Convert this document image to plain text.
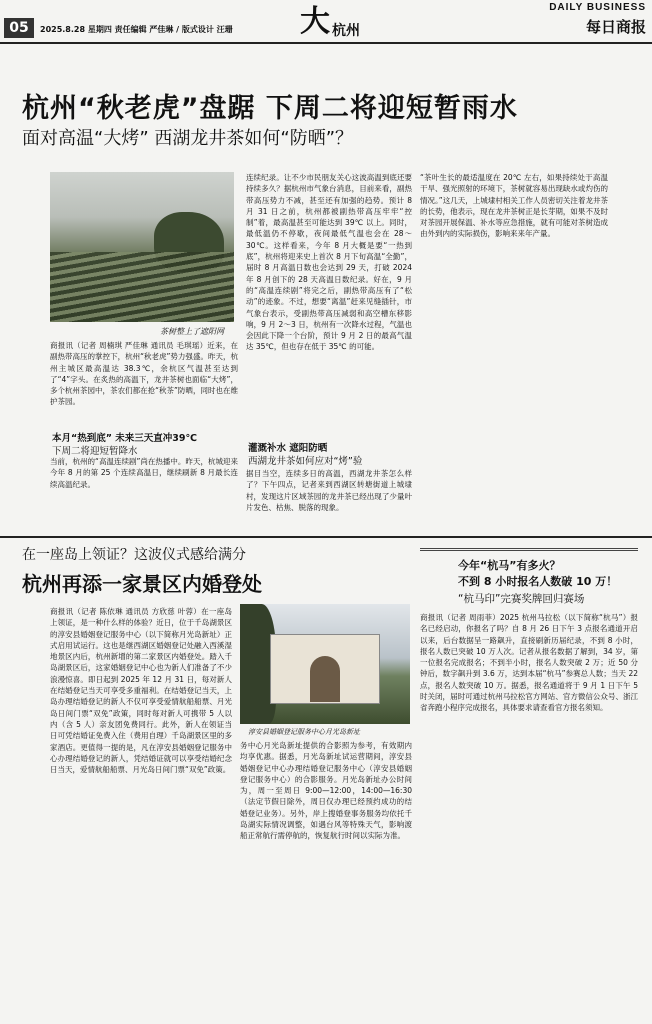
05	2025.8.28 星期四 责任编辑 严佳琳 / 版式设计 汪珊 大 杭州
DAILY BUSINESS
每日商报
杭州“秋老虎”盘踞 下周二将迎短暂雨水
面对高温“大烤” 西湖龙井茶如何“防晒”？
茶树整上了遮阳网
商报讯（记者 周楠琪 严佳琳 通讯员 毛琪瑶）近来，在副热带高压的掌控下，杭州“秋老虎”势力强盛。昨天，杭州主城区最高温达 38.3℃，余杭区气温甚至达到了“4”字头。在炙热的高温下，龙井茶树也面临“大烤”，多个杭州茶园中，茶农们都在抢“秋茶”防晒，同时也在维护茶园。
本月“热到底” 未来三天直冲39℃
下周二将迎短暂降水
当前，杭州的“高温连续剧”尚在热播中。昨天，杭城迎来今年 8 月的第 25 个连续高温日，继续刷新 8 月最长连续高温纪录。
连续纪录。让不少市民朋友关心这波高温到底还要持续多久？据杭州市气象台消息，目前来看，副热带高压势力不减，甚至还有加强的趋势。预计 8 月 31 日之前，杭州都被副热带高压牢牢“控制”着，最高温甚至可能达到 39℃ 以上。同时，最低温仍不停歇，夜间最低气温也会在 28～30℃。这样看来，今年 8 月大概是要“一热到底”，杭州将迎来史上首次 8 月下旬高温“全勤”，届时 8 月高温日数也会达到 29 天，打破 2024 年 8 月创下的 28 天高温日数纪录。好在，9 月的“高温连续剧”将完之后，副热带高压有了“松动”的迹象。不过，想要“离温”赶来见缝插针，市气象台表示，受副热带高压减弱和高空槽东移影响，9 月 2～3 日，杭州有一次降水过程，气温也会因此下降一个台阶，预计 9 月 2 日的最高气温达 35℃，但也存在低于 35℃ 的可能。
灌溉补水 遮阳防晒
西湖龙井茶如何应对“烤”验
据目当空，连续多日的高温，西湖龙井茶怎么样了？下午四点，记者来到西湖区转塘街道上城埭村，发现这片区域茶园的龙井茶已经出现了少量叶片发色、枯焦、脱落的现象。
“茶叶生长的最适温度在 20℃ 左右，如果持续处于高温干旱、强光照射的环境下，茶树就容易出现缺水或灼伤的情况。”这几天，上城埭村相关工作人员密切关注着龙井茶的长势，他表示，现在龙井茶树正是长芽期，如果不及时对茶园开展保温、补水等应急措施，就有可能对茶树造成由外到内的实际损伤，影响来来年产量。
在一座岛上领证？这波仪式感给满分
杭州再添一家景区内婚登处
商报讯（记者 陈依琳 通讯员 方欣慈 叶蓉）在一座岛上领证，是一种什么样的体验？近日，位于千岛湖景区的淳安县婚姻登记服务中心（以下简称月光岛新址）正式启用试运行。这也是继西湖区婚姻登记处融入西溪湿地景区内后，杭州新增的第二家景区内婚登处。踏入千岛湖景区后，这家婚姻登记中心也为新人们准备了不少浪漫惊喜。即日起到 2025 年 12 月 31 日，每对新人在结婚登记当天可享受多重福利。在结婚登记当天，上岛办理结婚登记的新人不仅可享受爱情航船船票、月光岛日间门票“双免”政策，同时每对新人可携带 5 人以内（含 5 人）亲友团免费同行。此外，新人在领证当日可凭结婚证免费入住（费用自理）千岛湖景区里的多家酒店。更值得一提的是，凡在淳安县婚姻登记服务中心办理结婚登记的新人，凭结婚证就可以享受结婚纪念日当天，爱情航船船票、月光岛日间门票“双免”政策。
淳安县婚姻登记服务中心月光岛新址
务中心月光岛新址提供的合影照为参考，有效期内均享优惠。据悉，月光岛新址试运营期间，淳安县婚姻登记中心办理结婚登记服务中心（淳安县婚姻登记服务中心）的合影服务。月光岛新址办公时间为，周一至周日 9:00—12:00，14:00—16:30（法定节假日除外，周日仅办理已经预约成功的结婚登记业务）。另外，岸上搜婚登事务服务均依托千岛湖实际情况调整，如遇台风等特殊天气，影响渡船正常航行需停航的，恢复航行时间以实际为准。
今年“杭马”有多火？
不到 8 小时报名人数破 10 万！
“杭马印”完赛奖牌回归赛场
商报讯（记者 周雨菲）2025 杭州马拉松（以下简称“杭马”）报名已经启动，你报名了吗？自 8 月 26 日下午 3 点报名通道开启以来，后台数据呈一路飙升，直接刷新历届纪录，不到 8 小时，报名人数已突破 10 万人次。记者从报名数据了解到，34 岁，第一位报名完成报名；不到半小时，报名人数突破 2 万；近 50 分钟后，数字飙升到 3.6 万，达到本届“杭马”参赛总人数；当天 22 点，报名人数突破 10 万。据悉，报名通道将于 9 月 1 日下午 5 时关闭，届时可通过杭州马拉松官方网站、官方微信公众号、浙江省奔跑小程序完成报名，具体要求请查看官方报名须知。
